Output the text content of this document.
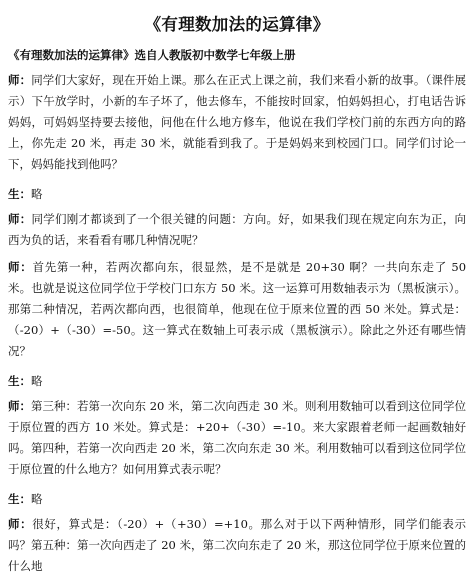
《有理数加法的运算律》

《有理数加法的运算律》选自人教版初中数学七年级上册

师：同学们大家好，现在开始上课。那么在正式上课之前，我们来看小新的故事。（课件展示）下午放学时，小新的车子坏了，他去修车，不能按时回家，怕妈妈担心，打电话告诉妈妈，可妈妈坚持要去接他，问他在什么地方修车，他说在我们学校门前的东西方向的路上，你先走 20 米，再走 30 米，就能看到我了。于是妈妈来到校园门口。同学们讨论一下，妈妈能找到他吗？

生：略

师：同学们刚才都谈到了一个很关键的问题：方向。好，如果我们现在规定向东为正，向西为负的话，来看看有哪几种情况呢？

师：首先第一种，若两次都向东，很显然，是不是就是 20+30 啊？一共向东走了 50 米。也就是说这位同学位于学校门口东方 50 米。这一运算可用数轴表示为（黑板演示）。那第二种情况，若两次都向西，也很简单，他现在位于原来位置的西 50 米处。算式是：（-20）+（-30）=-50。这一算式在数轴上可表示成（黑板演示）。除此之外还有哪些情况？

生：略

师：第三种：若第一次向东 20 米，第二次向西走 30 米。则利用数轴可以看到这位同学位于原位置的西方 10 米处。算式是：+20+（-30）=-10。来大家跟着老师一起画数轴好吗。第四种，若第一次向西走 20 米，第二次向东走 30 米。利用数轴可以看到这位同学位于原位置的什么地方？如何用算式表示呢？

生：略

师：很好，算式是：（-20）+（+30）=+10。那么对于以下两种情形，同学们能表示吗？第五种：第一次向西走了 20 米，第二次向东走了 20 米，那这位同学位于原来位置的什么地
